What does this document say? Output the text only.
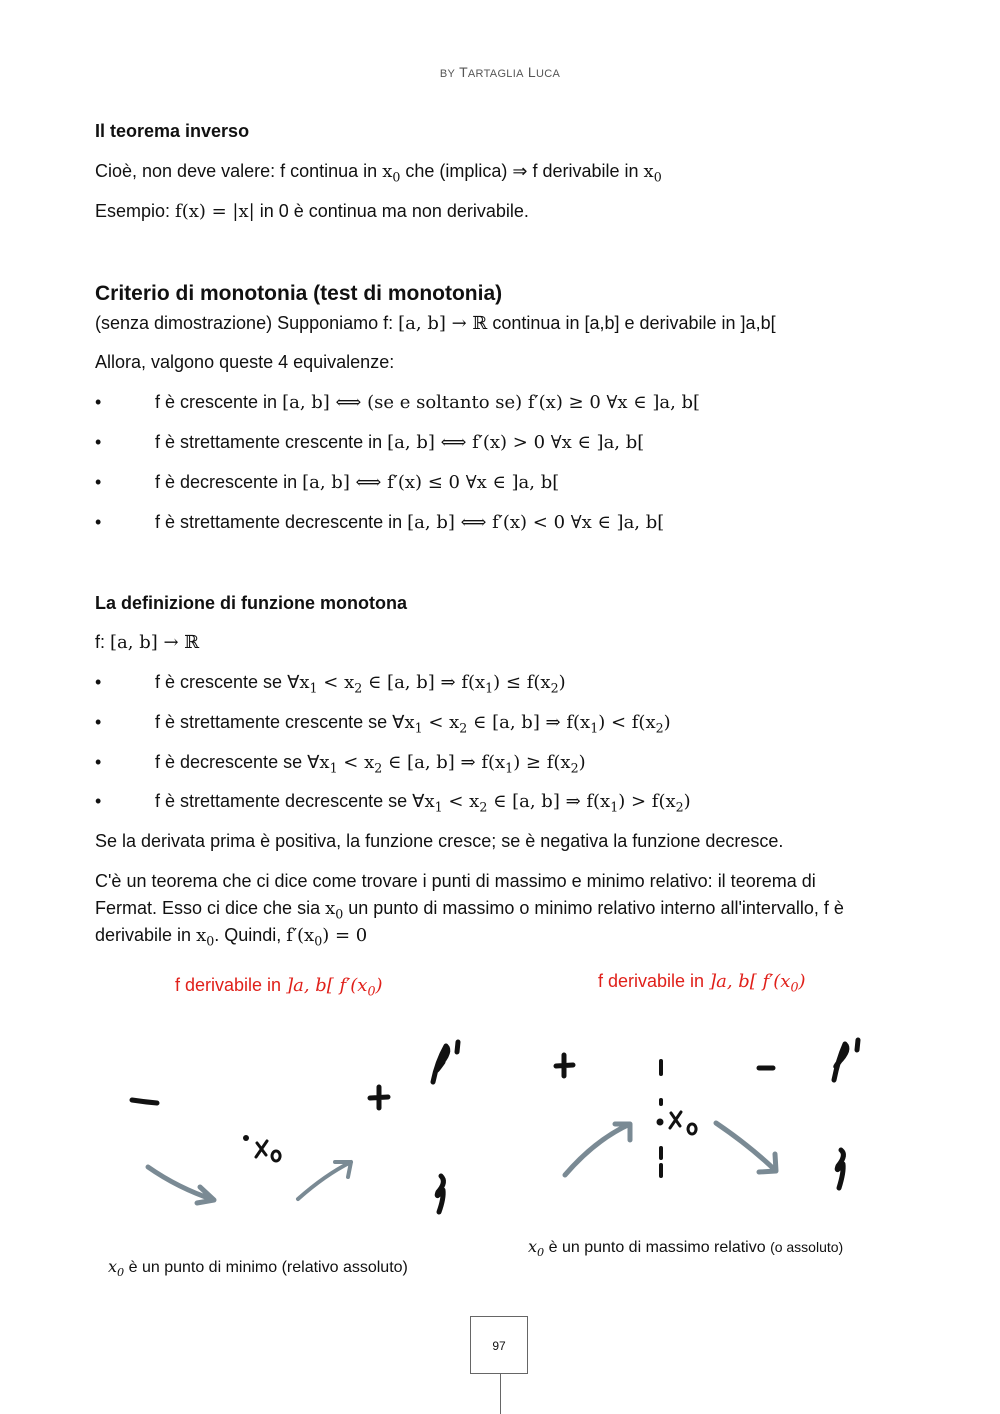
BY TARTAGLIA LUCA
Il teorema inverso
Cioè, non deve valere: f continua in $x_0$ che (implica) ⇒ f derivabile in $x_0$
Esempio: f(x) = |x| in 0 è continua ma non derivabile.
Criterio di monotonia (test di monotonia)
(senza dimostrazione) Supponiamo f: [a, b] → ℝ continua in [a,b] e derivabile in ]a,b[
Allora, valgono queste 4 equivalenze:
•	f è crescente in [a, b] ⟺ (se e soltanto se) f′(x) ≥ 0 ∀x ∈ ]a, b[
•	f è strettamente crescente in [a, b] ⟺ f′(x) > 0 ∀x ∈ ]a, b[
•	f è decrescente in [a, b] ⟺ f′(x) ≤ 0 ∀x ∈ ]a, b[
•	f è strettamente decrescente in [a, b] ⟺ f′(x) < 0 ∀x ∈ ]a, b[
La definizione di funzione monotona
f: [a, b] → ℝ
•	f è crescente se $\forall x_1 < x_2$ ∈ [a, b] ⇒ $f(x_1) \le f(x_2)$
•	f è strettamente crescente se $\forall x_1 < x_2$ ∈ [a, b] ⇒ $f(x_1) < f(x_2)$
•	f è decrescente se $\forall x_1 < x_2$ ∈ [a, b] ⇒ $f(x_1) \ge f(x_2)$
•	f è strettamente decrescente se $\forall x_1 < x_2$ ∈ [a, b] ⇒ $f(x_1) > f(x_2)$
Se la derivata prima è positiva, la funzione cresce; se è negativa la funzione decresce.
C'è un teorema che ci dice come trovare i punti di massimo e minimo relativo: il teorema di
Fermat. Esso ci dice che sia $x_0$ un punto di massimo o minimo relativo interno all'intervallo, f è
derivabile in $x_0$. Quindi, $f'(x_0) = 0$
f derivabile in ]a, b[ $f'(x_0)$	f derivabile in ]a, b[ $f'(x_0)$
$x_0$ è un punto di minimo (relativo assoluto)
$x_0$ è un punto di massimo relativo (o assoluto)
97
